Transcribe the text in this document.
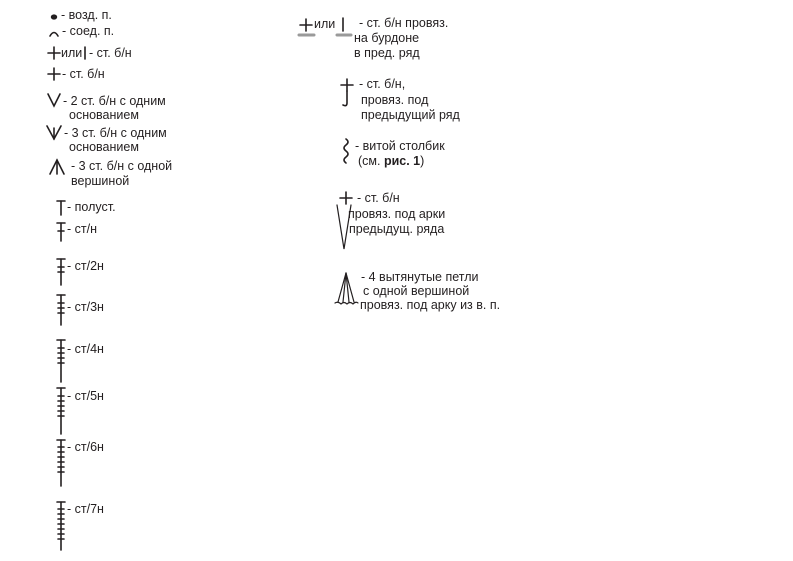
- возд. п.
- соед. п.
или - ст. б/н
- ст. б/н
- 2 ст. б/н с одним
основанием
- 3 ст. б/н с одним
основанием
- 3 ст. б/н с одной
вершиной
- полуст.
- ст/н
- ст/2н
- ст/3н
- ст/4н
- ст/5н
- ст/6н
- ст/7н
или - ст. б/н провяз.
на бурдоне
в пред. ряд
- ст. б/н,
провяз. под
предыдущий ряд
- витой столбик
(см. рис. 1)
- ст. б/н
провяз. под арки
предыдущ. ряда
- 4 вытянутые петли
с одной вершиной
провяз. под арку из в. п.
